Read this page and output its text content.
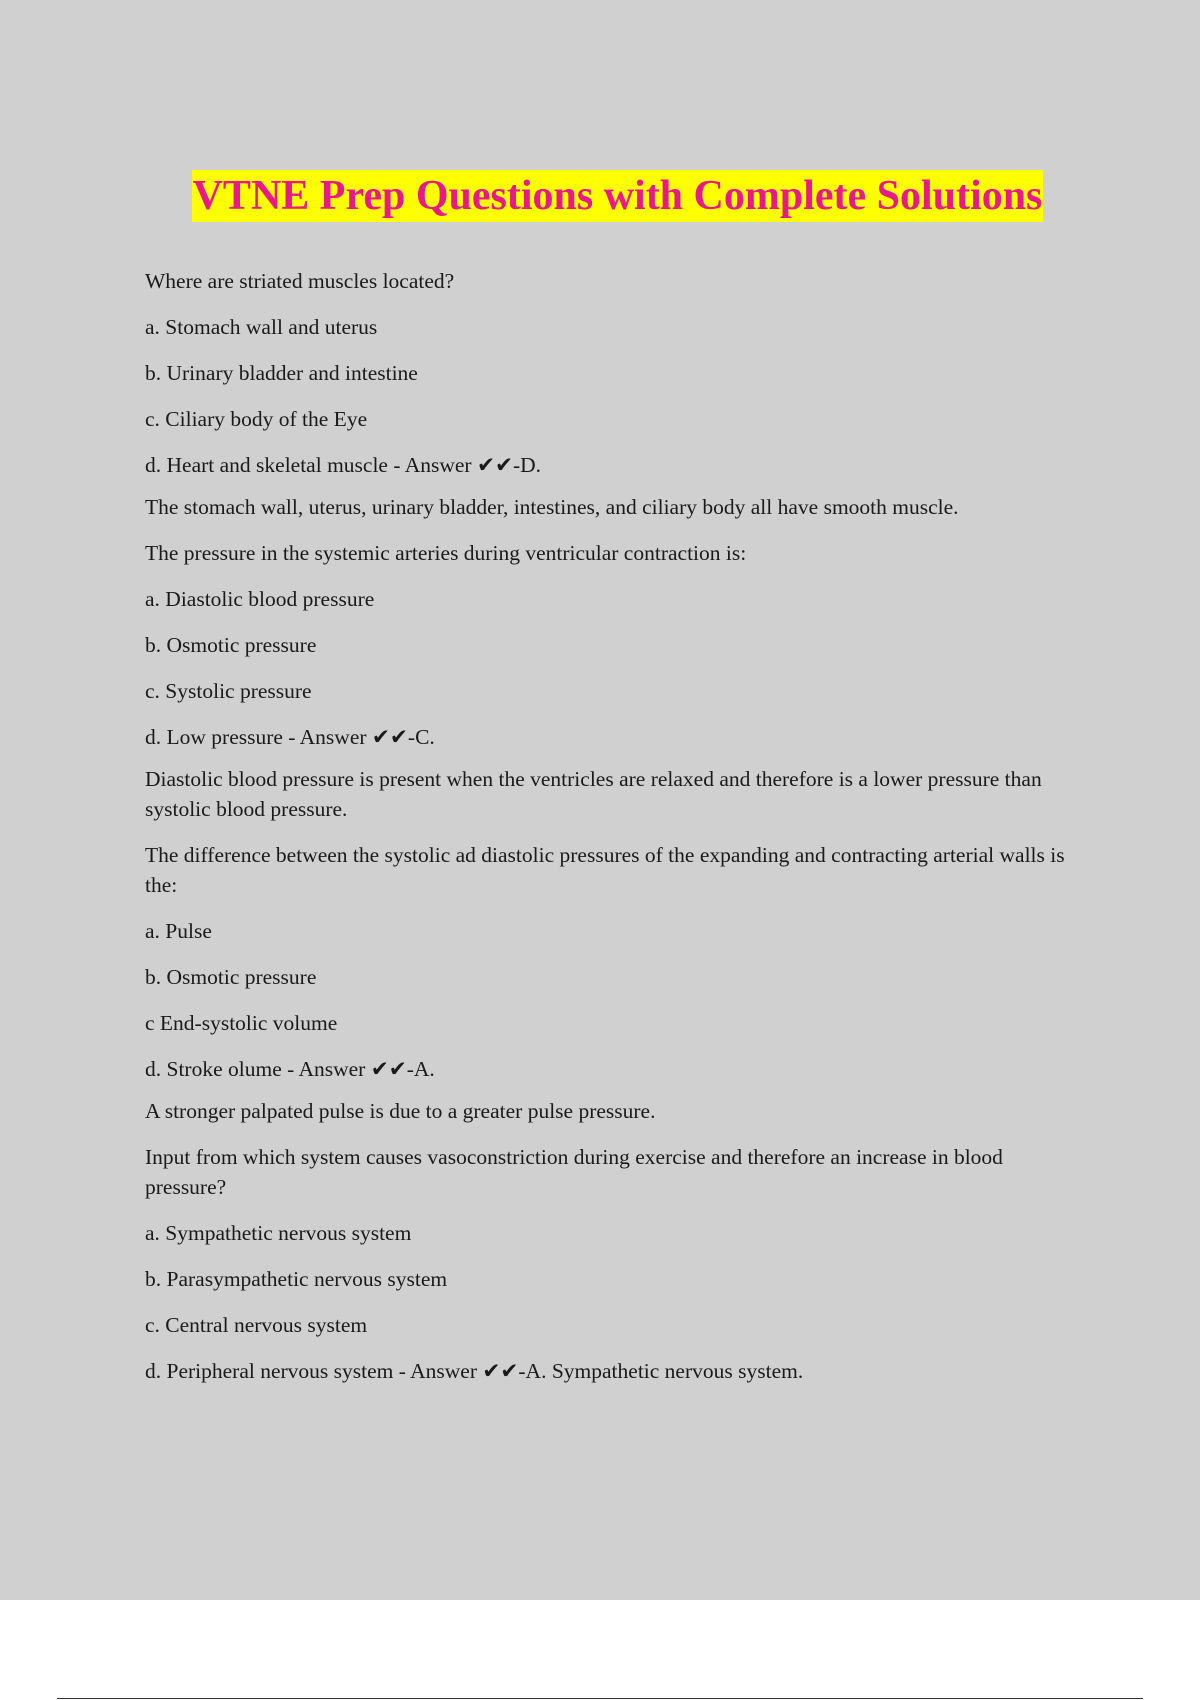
VTNE Prep Questions with Complete Solutions

Where are striated muscles located?

a. Stomach wall and uterus

b. Urinary bladder and intestine

c. Ciliary body of the Eye

d. Heart and skeletal muscle - Answer ✔✔-D.

The stomach wall, uterus, urinary bladder, intestines, and ciliary body all have smooth muscle.

The pressure in the systemic arteries during ventricular contraction is:

a. Diastolic blood pressure

b. Osmotic pressure

c. Systolic pressure

d. Low pressure - Answer ✔✔-C.

Diastolic blood pressure is present when the ventricles are relaxed and therefore is a lower pressure than systolic blood pressure.

The difference between the systolic ad diastolic pressures of the expanding and contracting arterial walls is the:

a. Pulse

b. Osmotic pressure

c End-systolic volume

d. Stroke olume - Answer ✔✔-A.

A stronger palpated pulse is due to a greater pulse pressure.

Input from which system causes vasoconstriction during exercise and therefore an increase in blood pressure?

a. Sympathetic nervous system

b. Parasympathetic nervous system

c. Central nervous system

d. Peripheral nervous system - Answer ✔✔-A. Sympathetic nervous system.
